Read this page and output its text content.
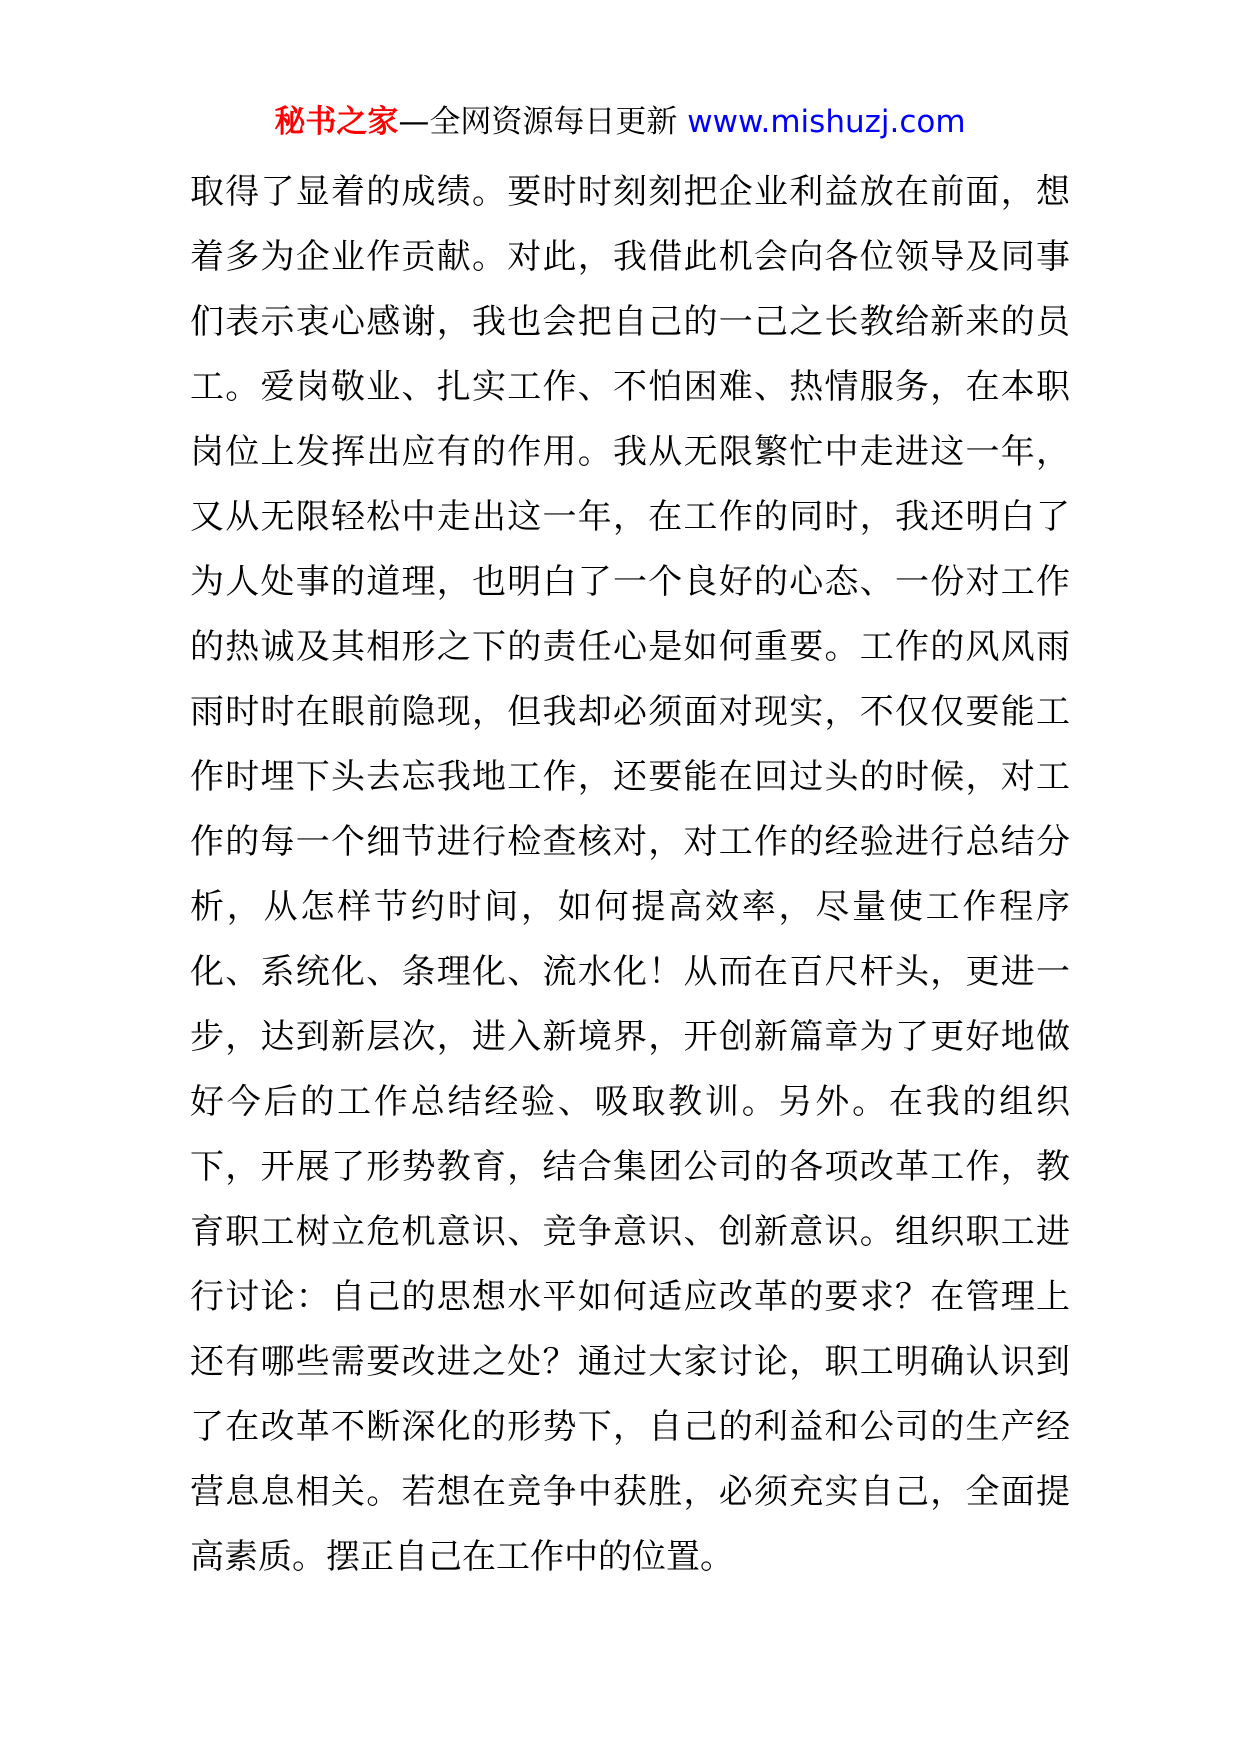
秘书之家—全网资源每日更新 www.mishuzj.com
取得了显着的成绩。要时时刻刻把企业利益放在前面，想
着多为企业作贡献。对此，我借此机会向各位领导及同事
们表示衷心感谢，我也会把自己的一己之长教给新来的员
工。爱岗敬业、扎实工作、不怕困难、热情服务，在本职
岗位上发挥出应有的作用。我从无限繁忙中走进这一年，
又从无限轻松中走出这一年，在工作的同时，我还明白了
为人处事的道理，也明白了一个良好的心态、一份对工作
的热诚及其相形之下的责任心是如何重要。工作的风风雨
雨时时在眼前隐现，但我却必须面对现实，不仅仅要能工
作时埋下头去忘我地工作，还要能在回过头的时候，对工
作的每一个细节进行检查核对，对工作的经验进行总结分
析，从怎样节约时间，如何提高效率，尽量使工作程序
化、系统化、条理化、流水化！从而在百尺杆头，更进一
步，达到新层次，进入新境界，开创新篇章为了更好地做
好今后的工作总结经验、吸取教训。另外。在我的组织
下，开展了形势教育，结合集团公司的各项改革工作，教
育职工树立危机意识、竞争意识、创新意识。组织职工进
行讨论：自己的思想水平如何适应改革的要求？在管理上
还有哪些需要改进之处？通过大家讨论，职工明确认识到
了在改革不断深化的形势下，自己的利益和公司的生产经
营息息相关。若想在竞争中获胜，必须充实自己，全面提
高素质。摆正自己在工作中的位置。
